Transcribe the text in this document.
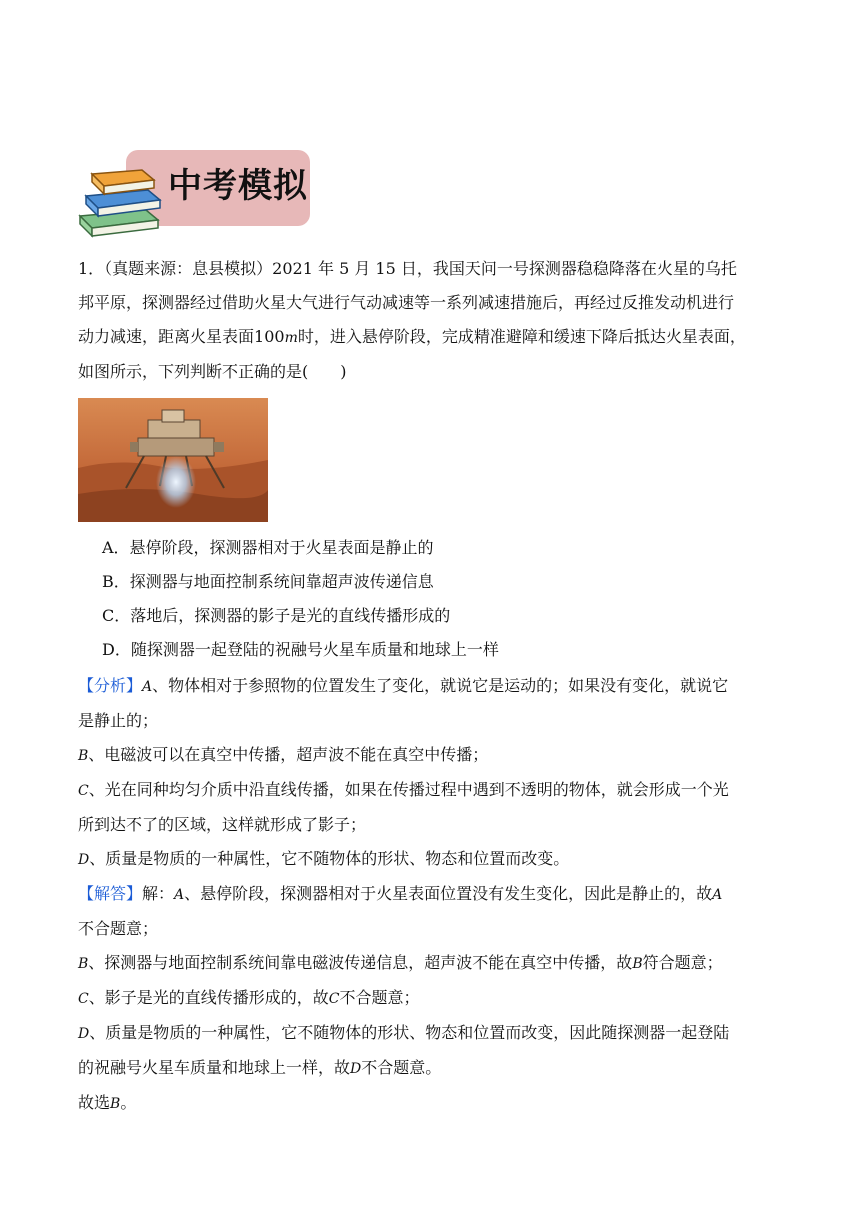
中考模拟

1．（真题来源：息县模拟）2021 年 5 月 15 日，我国天问一号探测器稳稳降落在火星的乌托

邦平原，探测器经过借助火星大气进行气动减速等一系列减速措施后，再经过反推发动机进行

动力减速，距离火星表面100m时，进入悬停阶段，完成精准避障和缓速下降后抵达火星表面，

如图所示，下列判断不正确的是(　　)

A．悬停阶段，探测器相对于火星表面是静止的
B．探测器与地面控制系统间靠超声波传递信息
C．落地后，探测器的影子是光的直线传播形成的
D．随探测器一起登陆的祝融号火星车质量和地球上一样

【分析】A、物体相对于参照物的位置发生了变化，就说它是运动的；如果没有变化，就说它

是静止的；

B、电磁波可以在真空中传播，超声波不能在真空中传播；

C、光在同种均匀介质中沿直线传播，如果在传播过程中遇到不透明的物体，就会形成一个光

所到达不了的区域，这样就形成了影子；

D、质量是物质的一种属性，它不随物体的形状、物态和位置而改变。

【解答】解：A、悬停阶段，探测器相对于火星表面位置没有发生变化，因此是静止的，故A

不合题意；

B、探测器与地面控制系统间靠电磁波传递信息，超声波不能在真空中传播，故B符合题意；

C、影子是光的直线传播形成的，故C不合题意；

D、质量是物质的一种属性，它不随物体的形状、物态和位置而改变，因此随探测器一起登陆

的祝融号火星车质量和地球上一样，故D不合题意。

故选B。
